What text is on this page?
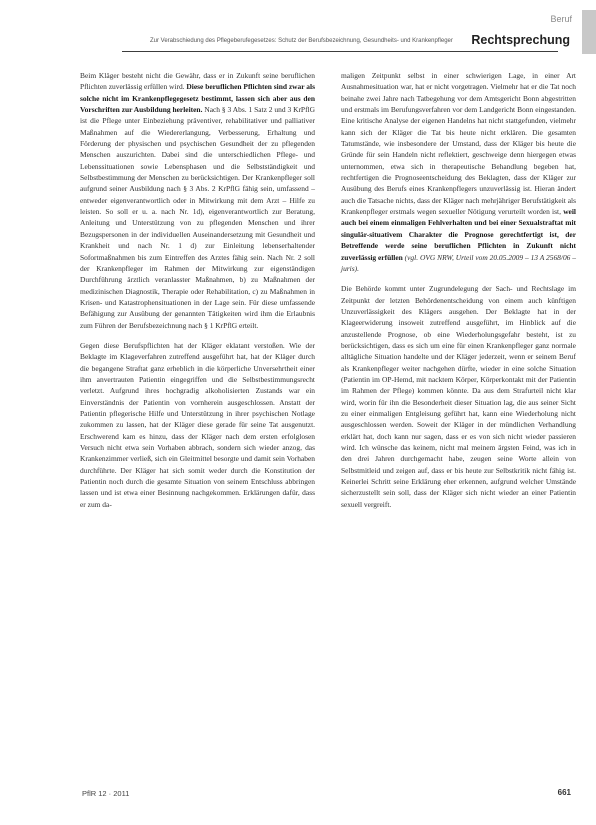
Beruf
Zur Verabschiedung des Pflegeberufegesetzes: Schutz der Berufsbezeichnung, Gesundheits- und Krankenpfleger Rechtsprechung

Beim Kläger besteht nicht die Gewähr, dass er in Zukunft seine beruflichen Pflichten zuverlässig erfüllen wird. Diese beruflichen Pflichten sind zwar als solche nicht im Krankenpflegegesetz bestimmt, lassen sich aber aus den Vorschriften zur Ausbildung herleiten. Nach § 3 Abs. 1 Satz 2 und 3 KrPflG ist die Pflege unter Einbeziehung präventiver, rehabilitativer und palliativer Maßnahmen auf die Wiedererlangung, Verbesserung, Erhaltung und Förderung der physischen und psychischen Gesundheit der zu pflegenden Menschen auszurichten. Dabei sind die unterschiedlichen Pflege- und Lebenssituationen sowie Lebensphasen und die Selbstständigkeit und Selbstbestimmung der Menschen zu berücksichtigen. Der Krankenpfleger soll aufgrund seiner Ausbildung nach § 3 Abs. 2 KrPflG fähig sein, umfassend – entweder eigenverantwortlich oder in Mitwirkung mit dem Arzt – Hilfe zu leisten. So soll er u. a. nach Nr. 1d), eigenverantwortlich zur Beratung, Anleitung und Unterstützung von zu pflegenden Menschen und ihrer Bezugspersonen in der individuellen Auseinandersetzung mit Gesundheit und Krankheit und nach Nr. 1 d) zur Einleitung lebenserhaltender Sofortmaßnahmen bis zum Eintreffen des Arztes fähig sein. Nach Nr. 2 soll der Krankenpfleger im Rahmen der Mitwirkung zur eigenständigen Durchführung ärztlich veranlasster Maßnahmen, b) zu Maßnahmen der medizinischen Diagnostik, Therapie oder Rehabilitation, c) zu Maßnahmen in Krisen- und Katastrophensituationen in der Lage sein. Für diese umfassende Befähigung zur Ausübung der genannten Tätigkeiten wird ihm die Erlaubnis zum Führen der Berufsbezeichnung nach § 1 KrPflG erteilt.

Gegen diese Berufspflichten hat der Kläger eklatant verstoßen. Wie der Beklagte im Klageverfahren zutreffend ausgeführt hat, hat der Kläger durch die begangene Straftat ganz erheblich in die körperliche Unversehrtheit einer ihm anvertrauten Patientin eingegriffen und die Selbstbestimmungsrecht verletzt. Aufgrund ihres hochgradig alkoholisierten Zustands war ein Einverständnis der Patientin von vornherein ausgeschlossen. Anstatt der Patientin pflegerische Hilfe und Unterstützung in ihrer psychischen Notlage zukommen zu lassen, hat der Kläger diese gerade für seine Tat ausgenutzt. Erschwerend kam es hinzu, dass der Kläger nach dem ersten erfolglosen Versuch nicht etwa sein Vorhaben abbrach, sondern sich wieder anzog, das Krankenzimmer verließ, sich ein Gleitmittel besorgte und damit sein Vorhaben durchführte. Der Kläger hat sich somit weder durch die Konstitution der Patientin noch durch die gesamte Situation von seinem Entschluss abbringen lassen und ist etwa einer Besinnung nachgekommen. Erklärungen dafür, dass er zum da-

maligen Zeitpunkt selbst in einer schwierigen Lage, in einer Art Ausnahmesituation war, hat er nicht vorgetragen. Vielmehr hat er die Tat noch beinahe zwei Jahre nach Tatbegehung vor dem Amtsgericht Bonn abgestritten und erstmals im Berufungsverfahren vor dem Landgericht Bonn eingestanden. Eine kritische Analyse der eigenen Handelns hat nicht stattgefunden, vielmehr kann sich der Kläger die Tat bis heute nicht erklären. Die gesamten Tatumstände, wie insbesondere der Umstand, dass der Kläger bis heute die Gründe für sein Handeln nicht reflektiert, geschweige denn hiergegen etwas unternommen, etwa sich in therapeutische Behandlung begeben hat, rechtfertigen die Prognoseentscheidung des Beklagten, dass der Kläger zur Ausübung des Berufs eines Krankenpflegers unzuverlässig ist. Hieran ändert auch die Tatsache nichts, dass der Kläger nach mehrjähriger Berufstätigkeit als Krankenpfleger erstmals wegen sexueller Nötigung verurteilt worden ist, weil auch bei einem einmaligen Fehlverhalten und bei einer Sexualstraftat mit singulär-situativem Charakter die Prognose gerechtfertigt ist, der Betreffende werde seine beruflichen Pflichten in Zukunft nicht zuverlässig erfüllen (vgl. OVG NRW, Urteil vom 20.05.2009 – 13 A 2568/06 – juris).

Die Behörde kommt unter Zugrundelegung der Sach- und Rechtslage im Zeitpunkt der letzten Behördenentscheidung von einem auch künftigen Unzuverlässigkeit des Klägers ausgehen. Der Beklagte hat in der Klageerwiderung insoweit zutreffend ausgeführt, im Hinblick auf die anzustellende Prognose, ob eine Wiederholungsgefahr besteht, ist zu berücksichtigen, dass es sich um eine für einen Krankenpfleger ganz normale alltägliche Situation handelte und der Kläger jederzeit, wenn er seinem Beruf als Krankenpfleger weiter nachgehen dürfte, wieder in eine solche Situation (Patientin im OP-Hemd, mit nacktem Körper, Körperkontakt mit der Patientin im Rahmen der Pflege) kommen könnte. Da aus dem Strafurteil nicht klar wird, worin für ihn die Besonderheit dieser Situation lag, die aus seiner Sicht zu einer einmaligen Entgleisung geführt hat, kann eine Wiederholung nicht ausgeschlossen werden. Soweit der Kläger in der mündlichen Verhandlung erklärt hat, doch kann nur sagen, dass er es von sich nicht wieder passieren wird. Ich wünsche das keinem, nicht mal meinem ärgsten Feind, was ich in den drei Jahren durchgemacht habe, zeugen seine Worte allein von Selbstmitleid und zeigen auf, dass er bis heute zur Selbstkritik nicht fähig ist. Keinerlei Schritt seine Erklärung eher erkennen, aufgrund welcher Umstände sicherzustellt sein soll, dass der Kläger sich nicht wieder an einer Patientin sexuell vergreift.

PflR 12 · 2011	661
